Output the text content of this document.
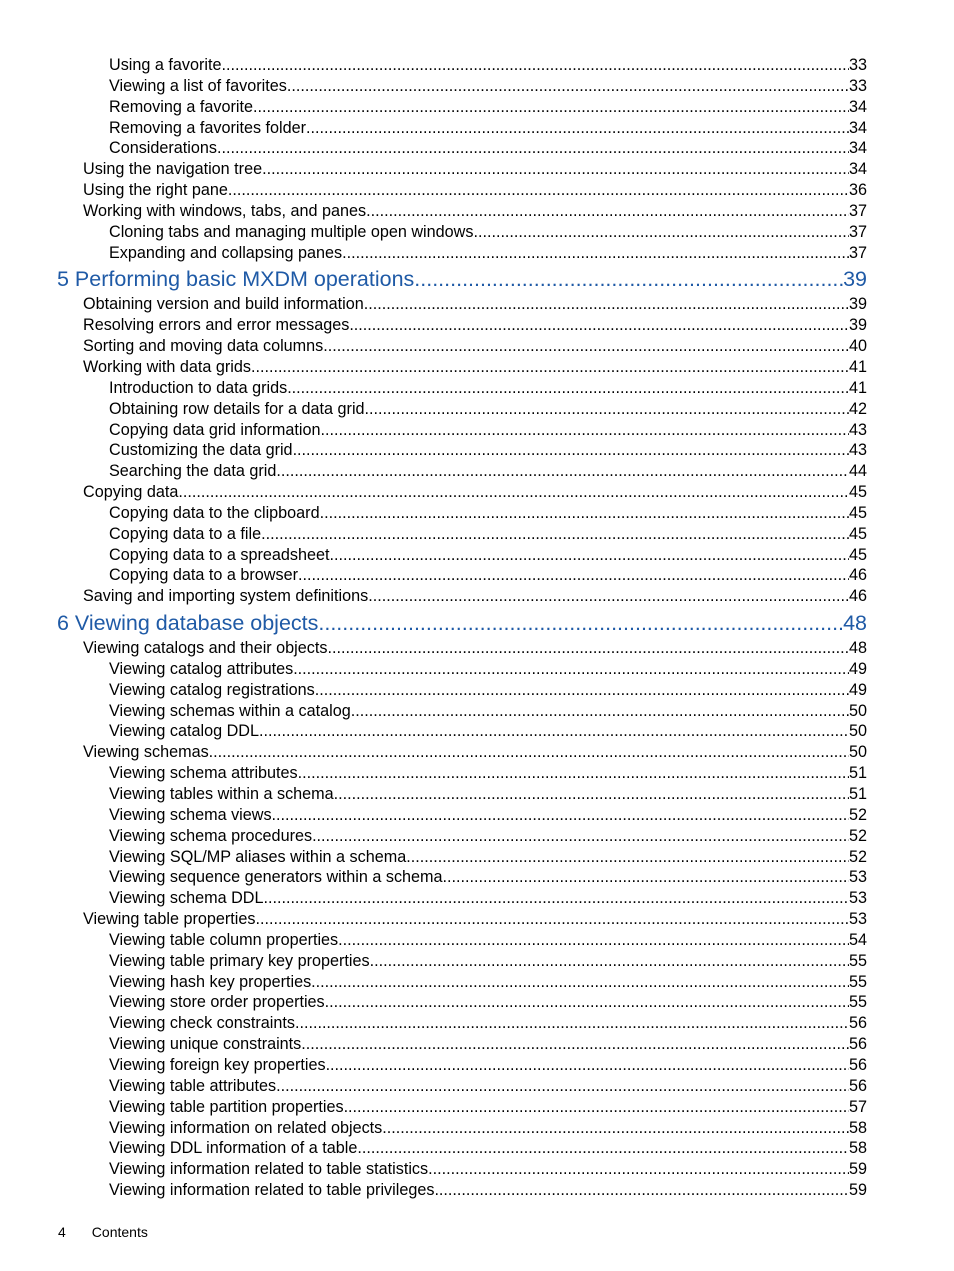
Using a favorite .....	33
Viewing a list of favorites .....	33
Removing a favorite .....	34
Removing a favorites folder .....	34
Considerations .....	34
Using the navigation tree .....	34
Using the right pane .....	36
Working with windows, tabs, and panes .....	37
Cloning tabs and managing multiple open windows .....	37
Expanding and collapsing panes .....	37
5 Performing basic MXDM operations .....	39
Obtaining version and build information .....	39
Resolving errors and error messages .....	39
Sorting and moving data columns .....	40
Working with data grids .....	41
Introduction to data grids .....	41
Obtaining row details for a data grid .....	42
Copying data grid information .....	43
Customizing the data grid .....	43
Searching the data grid .....	44
Copying data .....	45
Copying data to the clipboard .....	45
Copying data to a file .....	45
Copying data to a spreadsheet .....	45
Copying data to a browser .....	46
Saving and importing system definitions .....	46
6 Viewing database objects .....	48
Viewing catalogs and their objects .....	48
Viewing catalog attributes .....	49
Viewing catalog registrations .....	49
Viewing schemas within a catalog .....	50
Viewing catalog DDL .....	50
Viewing schemas .....	50
Viewing schema attributes .....	51
Viewing tables within a schema .....	51
Viewing schema views .....	52
Viewing schema procedures .....	52
Viewing SQL/MP aliases within a schema .....	52
Viewing sequence generators within a schema .....	53
Viewing schema DDL .....	53
Viewing table properties .....	53
Viewing table column properties .....	54
Viewing table primary key properties .....	55
Viewing hash key properties .....	55
Viewing store order properties .....	55
Viewing check constraints .....	56
Viewing unique constraints .....	56
Viewing foreign key properties .....	56
Viewing table attributes .....	56
Viewing table partition properties .....	57
Viewing information on related objects .....	58
Viewing DDL information of a table .....	58
Viewing information related to table statistics .....	59
Viewing information related to table privileges .....	59
4 Contents
